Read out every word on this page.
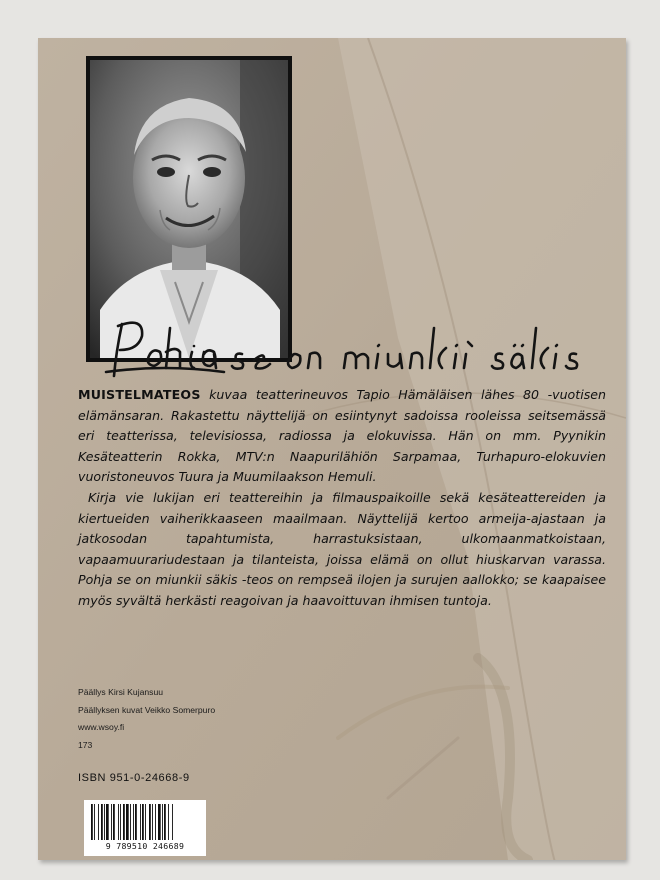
MUISTELMATEOS kuvaa teatterineuvos Tapio Hämäläisen lähes 80 -vuotisen elämänsaran. Rakastettu näyttelijä on esiintynyt sadoissa rooleissa seitsemässä eri teatterissa, televisiossa, radiossa ja elokuvissa. Hän on mm. Pyynikin Kesäteatterin Rokka, MTV:n Naapurilähiön Sarpamaa, Turhapuro-elokuvien vuoristoneuvos Tuura ja Muumilaakson Hemuli.

Kirja vie lukijan eri teattereihin ja filmauspaikoille sekä kesäteattereiden ja kiertueiden vaiherikkaaseen maailmaan. Näyttelijä kertoo armeija-ajastaan ja jatkosodan tapahtumista, harrastuksistaan, ulkomaanmatkoistaan, vapaamuurariudestaan ja tilanteista, joissa elämä on ollut hiuskarvan varassa. Pohja se on miunkii säkis -teos on rempseä ilojen ja surujen aallokko; se kaapaisee myös syvältä herkästi reagoivan ja haavoittuvan ihmisen tuntoja.

Päällys Kirsi Kujansuu
Päällyksen kuvat Veikko Somerpuro
www.wsoy.fi
173
ISBN 951-0-24668-9
9 789510 246689
